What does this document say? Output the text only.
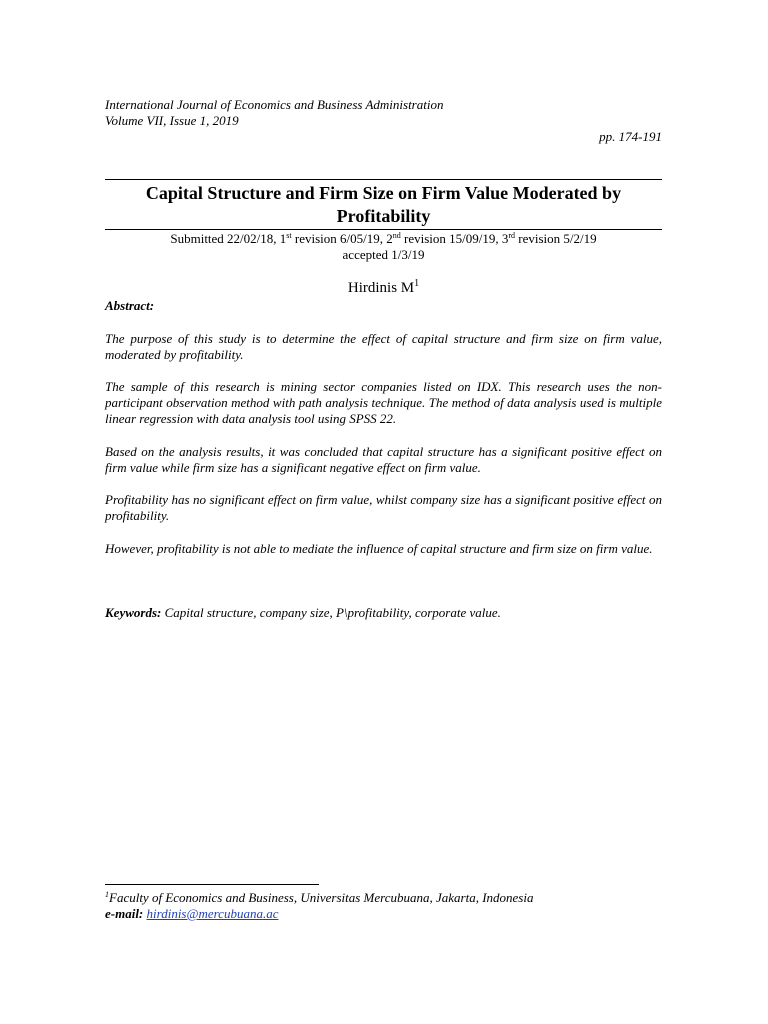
International Journal of Economics and Business Administration
Volume VII, Issue 1, 2019
pp. 174-191
Capital Structure and Firm Size on Firm Value Moderated by Profitability
Submitted 22/02/18, 1st revision 6/05/19, 2nd revision 15/09/19, 3rd revision 5/2/19
accepted 1/3/19
Hirdinis $M^1$
Abstract:
The purpose of this study is to determine the effect of capital structure and firm size on firm value, moderated by profitability.
The sample of this research is mining sector companies listed on IDX. This research uses the non-participant observation method with path analysis technique. The method of data analysis used is multiple linear regression with data analysis tool using SPSS 22.
Based on the analysis results, it was concluded that capital structure has a significant positive effect on firm value while firm size has a significant negative effect on firm value.
Profitability has no significant effect on firm value, whilst company size has a significant positive effect on profitability.
However, profitability is not able to mediate the influence of capital structure and firm size on firm value.
Keywords: Capital structure, company size, P\profitability, corporate value.
$^1$Faculty of Economics and Business, Universitas Mercubuana, Jakarta, Indonesia
e-mail: hirdinis@mercubuana.ac
